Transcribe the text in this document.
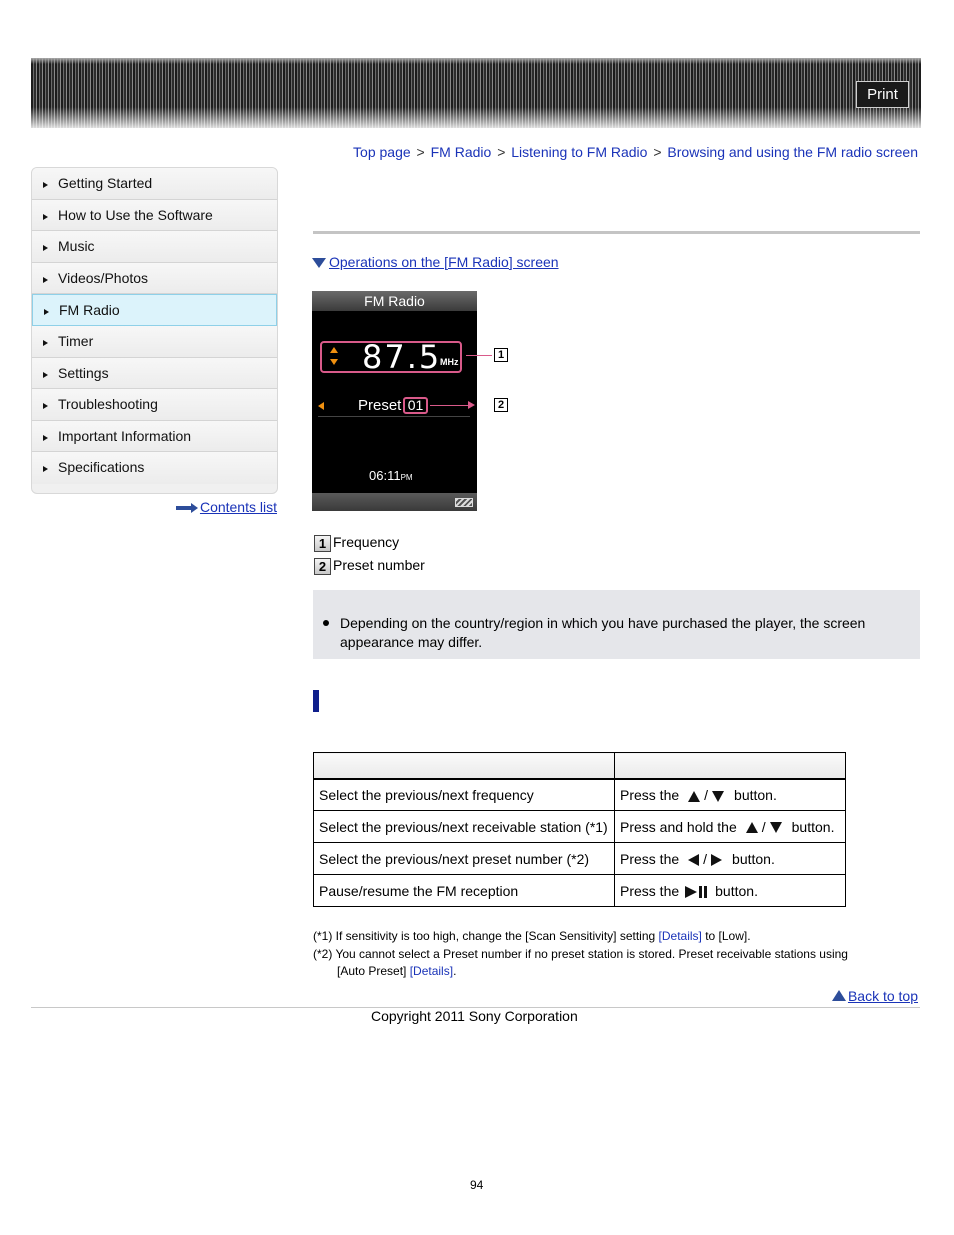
Print
Top page > FM Radio > Listening to FM Radio > Browsing and using the FM radio screen
Getting Started
How to Use the Software
Music
Videos/Photos
FM Radio
Timer
Settings
Troubleshooting
Important Information
Specifications
Contents list
Operations on the [FM Radio] screen
FM Radio
87.5
MHz
Preset 01
06:11PM
1
2
1 Frequency
2 Preset number
Depending on the country/region in which you have purchased the player, the screen appearance may differ.

Select the previous/next frequency	Press the / button.
Select the previous/next receivable station (*1)	Press and hold the / button.
Select the previous/next preset number (*2)	Press the / button.
Pause/resume the FM reception	Press the button.
(*1) If sensitivity is too high, change the [Scan Sensitivity] setting [Details] to [Low].
(*2) You cannot select a Preset number if no preset station is stored. Preset receivable stations using
[Auto Preset] [Details].
Back to top
Copyright 2011 Sony Corporation
94
